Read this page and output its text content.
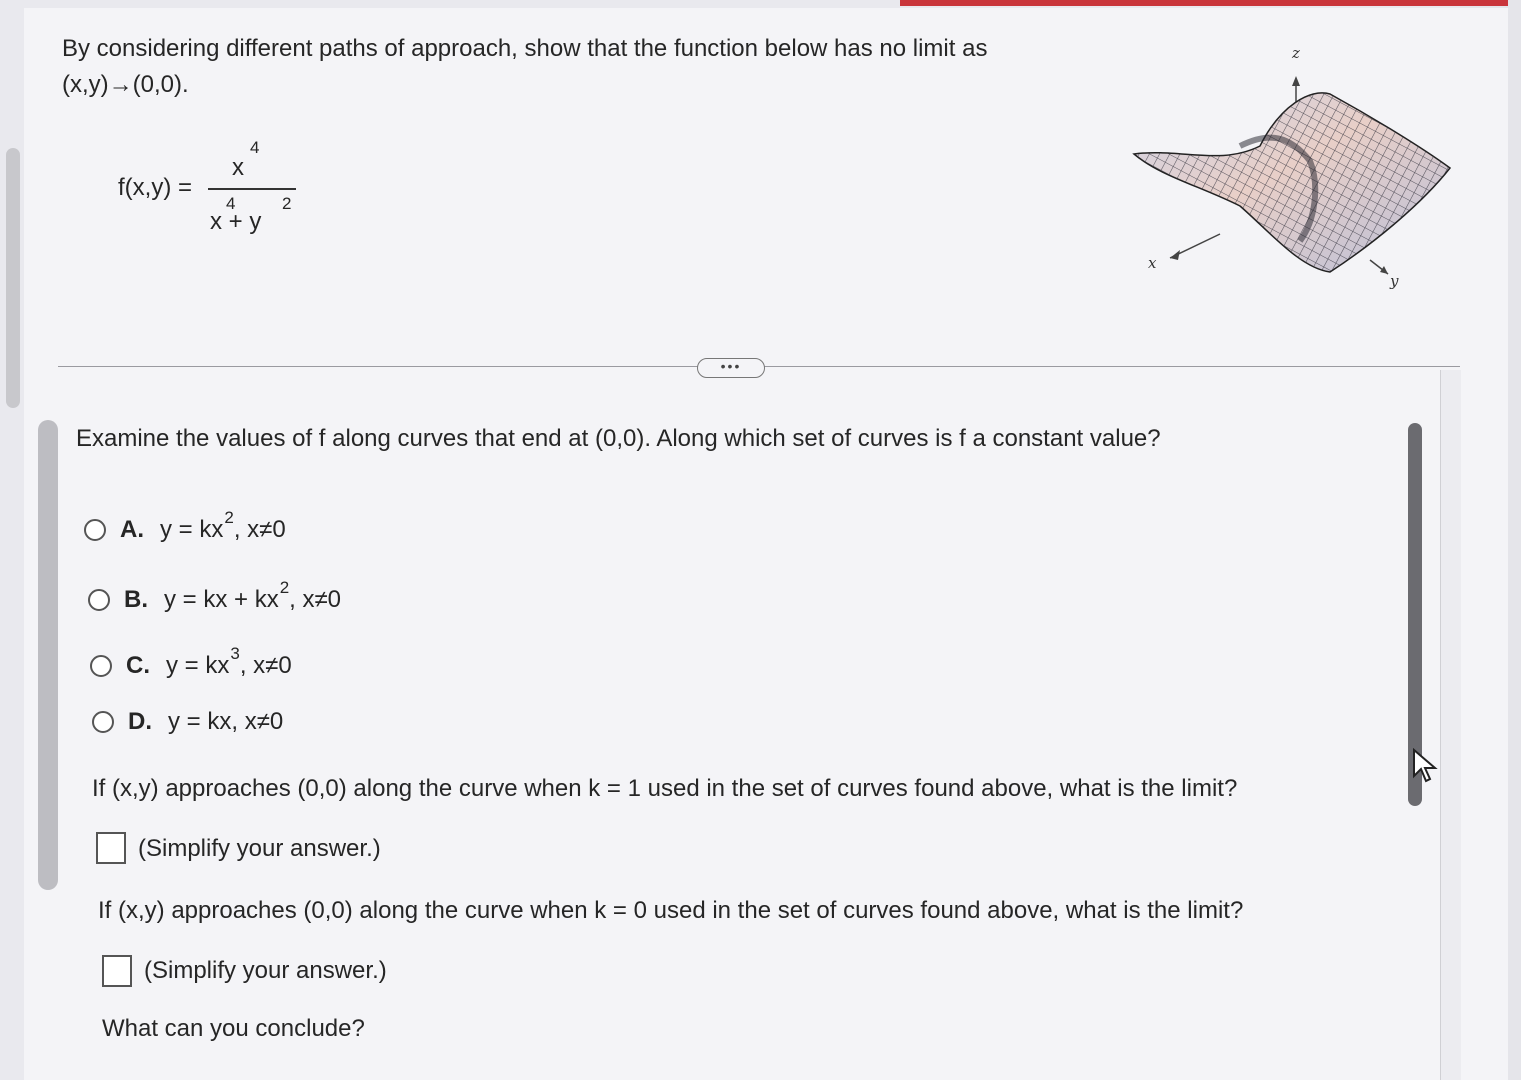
By considering different paths of approach, show that the function below has no limit as
(x,y)→(0,0).
f(x,y) =
x
4
x + y
4	2
z
x
y
•••
Examine the values of f along curves that end at (0,0). Along which set of curves is f a constant value?
A. $y = kx^2$, x≠0
B. y = kx + $kx^2$, x≠0
C. $y = kx^3$, x≠0
D. y = kx, x≠0
If (x,y) approaches (0,0) along the curve when k = 1 used in the set of curves found above, what is the limit?
(Simplify your answer.)
If (x,y) approaches (0,0) along the curve when k = 0 used in the set of curves found above, what is the limit?
(Simplify your answer.)
What can you conclude?
